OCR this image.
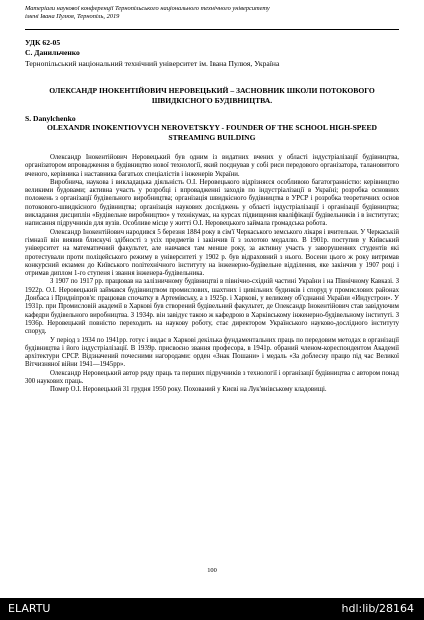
Матеріали наукової конференції Тернопільського національного технічного університету
імені Івана Пулюя, Тернопіль, 2019
УДК 62-05
С. Данильченко
Тернопільський національний технічний університет ім. Івана Пулюя, Україна
ОЛЕКСАНДР ІНОКЕНТІЙОВИЧ НЕРОВЕЦЬКИЙ – ЗАСНОВНИК ШКОЛИ ПОТОКОВОГО ШВИДКІСНОГО БУДІВНИЦТВА.
S. Danylchenko
OLEXANDR INOKENTIOVYCH NEROVETSKYY - FOUNDER OF THE SCHOOL HIGH-SPEED STREAMING BUILDING

Олександр Інокентійович Неровецький був одним із видатних вчених у області індустріалізації будівництва, організатором впровадження в будівництво нової технології, який поєднував у собі риси передового організатора, талановитого вченого, керівника і наставника багатьох спеціалістів і інженерів України.

Виробнича, наукова і викладацька діяльність О.І. Неровецького відрізняєся особливою багатогранністю: керівництво великими будовами; активна участь у розробці і впровадженні заходів по індустріалізації в Україні; розробка основних положень з організації будівельного виробництва; організація швидкісного будівництва в УРСР і розробка теоретичних основ потокового-швидкісного будівництва; організація наукових досліджень у області індустріалізації і організації будівництва; викладання дисциплін «Будівельне виробництво» у технікумах, на курсах підвищення кваліфікації будівельників і в інститутах; написання підручників для вузів. Особливе місце у житті О.І. Неровецького займала громадська робота.

Олександр Інокентійович народився 5 березня 1884 року в сім'ї Черкаського земського лікаря і вчительки. У Черкаській гімназії він виявив блискучі здібності з усіх предметів і закінчив її з золотою медаллю. В 1901р. поступив у Київський університет на математичний факультет, але навчався там менше року, за активну участь у заворушеннях студентів які протестували проти поліцейського режиму в університеті у 1902 р. був відраховний з нього. Восени цього ж року витримав конкурсний екзамен до Київського політехнічного інституту на інженерно-будівельне відділення, яке закінчив у 1907 році і отримав диплом 1-го ступеня і звання інженера-будівельника.

З 1907 по 1917 рр. працював на залізничному будівництві в північно-східній частині України і на Північному Кавказі. З 1922р. О.І. Неровецький займався будівництвом промислових, шахтних і цивільних будинків і споруд у промислових районах Донбаса і Придніпров'я: працював спочатку в Артемівську, а з 1925р. і Харкові, у великому об'єднанні України «Индустрои». У 1931р. при Промисловій академії в Харкові був створений будівельний факультет, де Олександр Інокентійович став завідуючим кафедри будівельного виробництва. З 1934р. він завідує такою ж кафедрою в Харківському інженерно-будівельному інституті. З 1936р. Неровецький повністю переходить на наукову роботу, стає директором Українського науково-дослідного інституту споруд.

У період з 1934 по 1941рр. готує і видає в Харкові декілька фундаментальних праць по передовим методах в організації будівництва і його індустріалізації. В 1939р. присвоєно звання професора, в 1941р. обраний членом-кореспондентом Академії архітектури СРСР. Відзначений почесними нагородами: орден «Знак Пошани» і медаль «За доблесну працю під час Великої Вітчизняної війни 1941—1945рр».

Олександр Неровецький автор ряду праць та перших підручників з технології і організації будівництва с автором понад 300 наукових праць.

Помер О.І. Неровецький 31 грудня 1950 року. Похований у Києві на Лук'янівському кладовищі.

100
ELARTU	hdl:lib/28164
